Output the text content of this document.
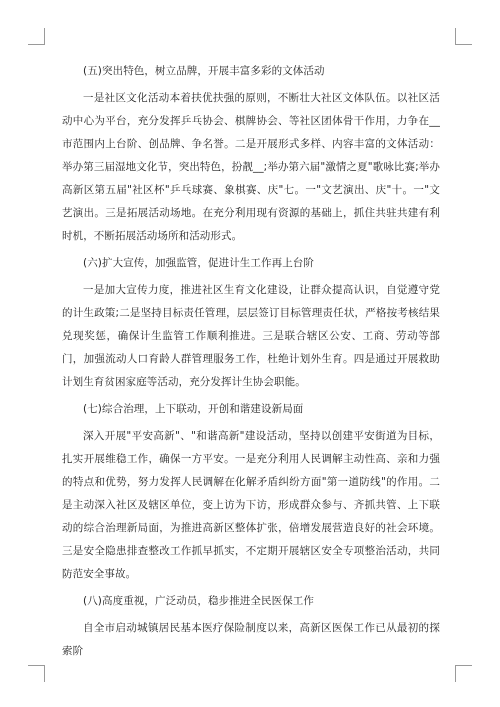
(五)突出特色，树立品牌，开展丰富多彩的文体活动

一是社区文化活动本着扶优扶强的原则，不断壮大社区文体队伍。以社区活动中心为平台，充分发挥乒乓协会、棋牌协会、等社区团体骨干作用，力争在__市范围内上台阶、创品牌、争名誉。二是开展形式多样、内容丰富的文体活动：举办第三届湿地文化节，突出特色，扮靓__;举办第六届"激情之夏"歌咏比赛;举办高新区第五届"社区杯"乒乓球赛、象棋赛、庆"七。一"文艺演出、庆"十。一"文艺演出。三是拓展活动场地。在充分利用现有资源的基础上，抓住共驻共建有利时机，不断拓展活动场所和活动形式。

(六)扩大宣传，加强监管，促进计生工作再上台阶

一是加大宣传力度，推进社区生育文化建设，让群众提高认识，自觉遵守党的计生政策;二是坚持目标责任管理，层层签订目标管理责任状，严格按考核结果兑现奖惩，确保计生监管工作顺利推进。三是联合辖区公安、工商、劳动等部门，加强流动人口育龄人群管理服务工作，杜绝计划外生育。四是通过开展救助计划生育贫困家庭等活动，充分发挥计生协会职能。

(七)综合治理，上下联动，开创和谐建设新局面

深入开展"平安高新"、"和谐高新"建设活动，坚持以创建平安街道为目标，扎实开展维稳工作，确保一方平安。一是充分利用人民调解主动性高、亲和力强的特点和优势，努力发挥人民调解在化解矛盾纠纷方面"第一道防线"的作用。二是主动深入社区及辖区单位，变上访为下访，形成群众参与、齐抓共管、上下联动的综合治理新局面，为推进高新区整体扩张，倍增发展营造良好的社会环境。三是安全隐患排查整改工作抓早抓实，不定期开展辖区安全专项整治活动，共同防范安全事故。

(八)高度重视，广泛动员，稳步推进全民医保工作

自全市启动城镇居民基本医疗保险制度以来，高新区医保工作已从最初的探索阶
